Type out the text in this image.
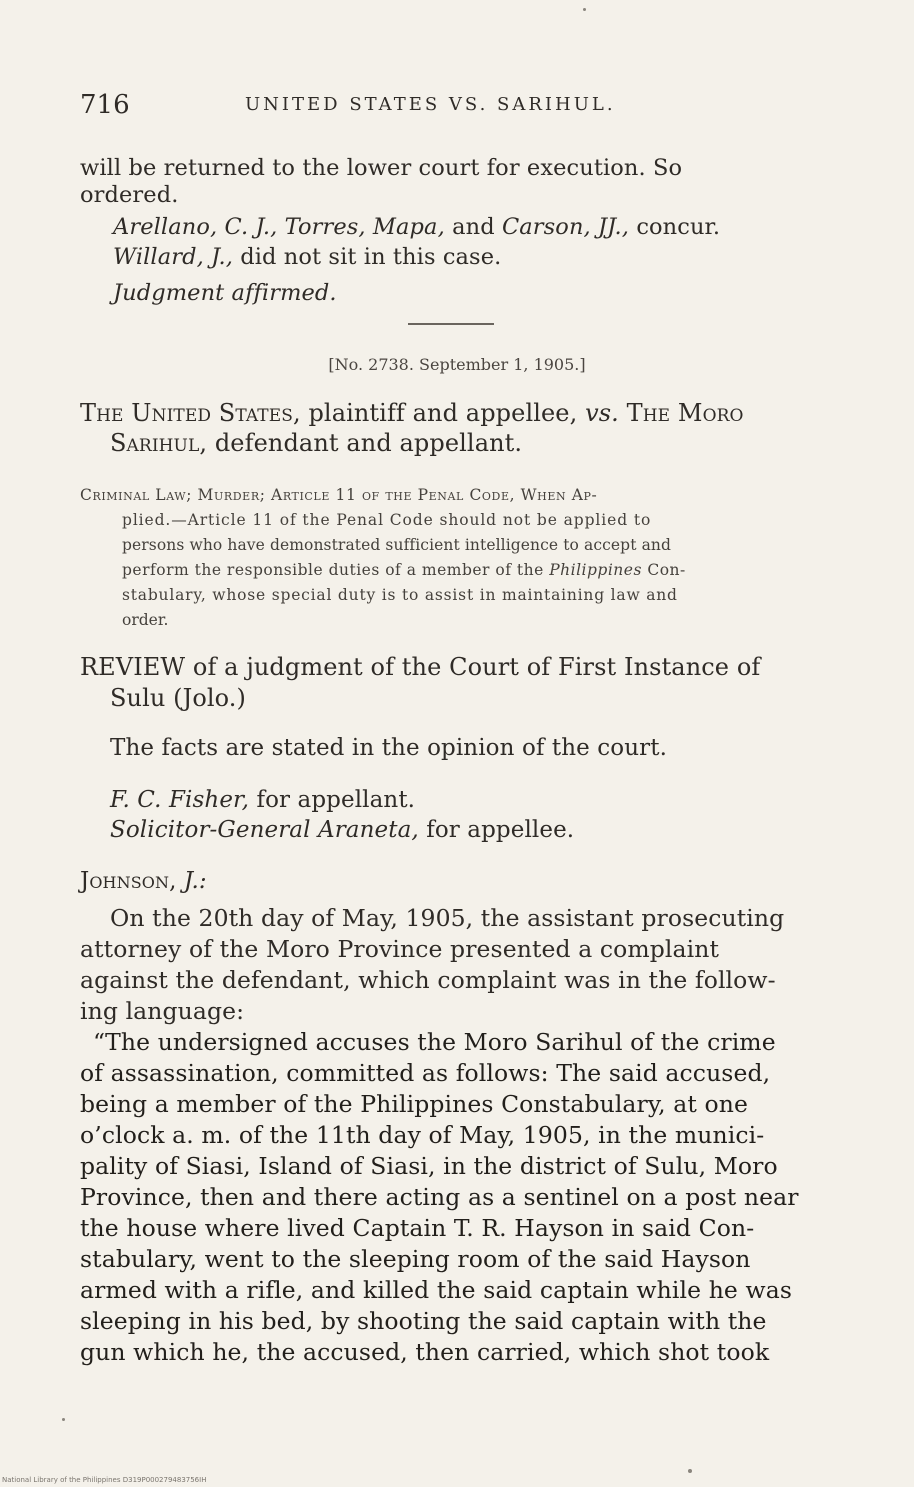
716	UNITED STATES VS. SARIHUL.
will be returned to the lower court for execution. So
ordered.
Arellano, C. J., Torres, Mapa, and Carson, JJ., concur.
Willard, J., did not sit in this case.
Judgment affirmed.
[No. 2738. September 1, 1905.]
The United States, plaintiff and appellee, vs. The Moro
Sarihul, defendant and appellant.
Criminal Law; Murder; Article 11 of the Penal Code, When Ap-
plied.—Article 11 of the Penal Code should not be applied to
persons who have demonstrated sufficient intelligence to accept and
perform the responsible duties of a member of the Philippines Con-
stabulary, whose special duty is to assist in maintaining law and
order.
REVIEW of a judgment of the Court of First Instance of
Sulu (Jolo.)
The facts are stated in the opinion of the court.
F. C. Fisher, for appellant.
Solicitor-General Araneta, for appellee.
Johnson, J.:
On the 20th day of May, 1905, the assistant prosecuting
attorney of the Moro Province presented a complaint
against the defendant, which complaint was in the follow-
ing language:
“The undersigned accuses the Moro Sarihul of the crime
of assassination, committed as follows: The said accused,
being a member of the Philippines Constabulary, at one
o’clock a. m. of the 11th day of May, 1905, in the munici-
pality of Siasi, Island of Siasi, in the district of Sulu, Moro
Province, then and there acting as a sentinel on a post near
the house where lived Captain T. R. Hayson in said Con-
stabulary, went to the sleeping room of the said Hayson
armed with a rifle, and killed the said captain while he was
sleeping in his bed, by shooting the said captain with the
gun which he, the accused, then carried, which shot took
National Library of the Philippines D319P000279483756IH
